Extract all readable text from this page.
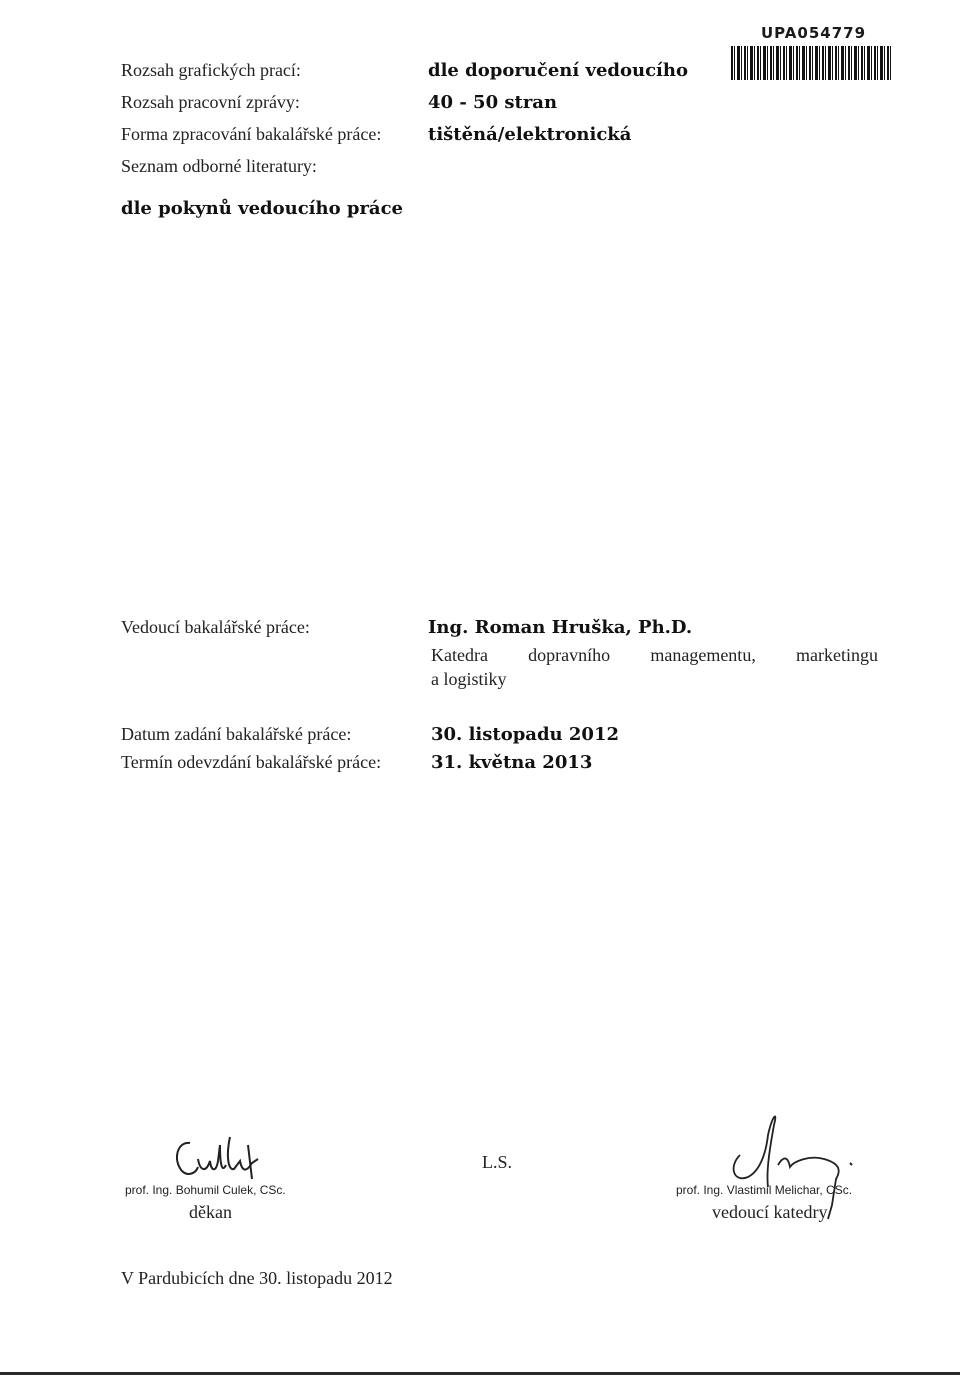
UPA054779
Rozsah grafických prací:	dle doporučení vedoucího
Rozsah pracovní zprávy:	40 - 50 stran
Forma zpracování bakalářské práce:	tištěná/elektronická
Seznam odborné literatury:
dle pokynů vedoucího práce
Vedoucí bakalářské práce:	Ing. Roman Hruška, Ph.D.
Katedra dopravního managementu, marketingu
a logistiky
Datum zadání bakalářské práce:	30. listopadu 2012
Termín odevzdání bakalářské práce:	31. května 2013
prof. Ing. Bohumil Culek, CSc.
děkan
L.S.
prof. Ing. Vlastimil Melichar, CSc.
vedoucí katedry
V Pardubicích dne 30. listopadu 2012
